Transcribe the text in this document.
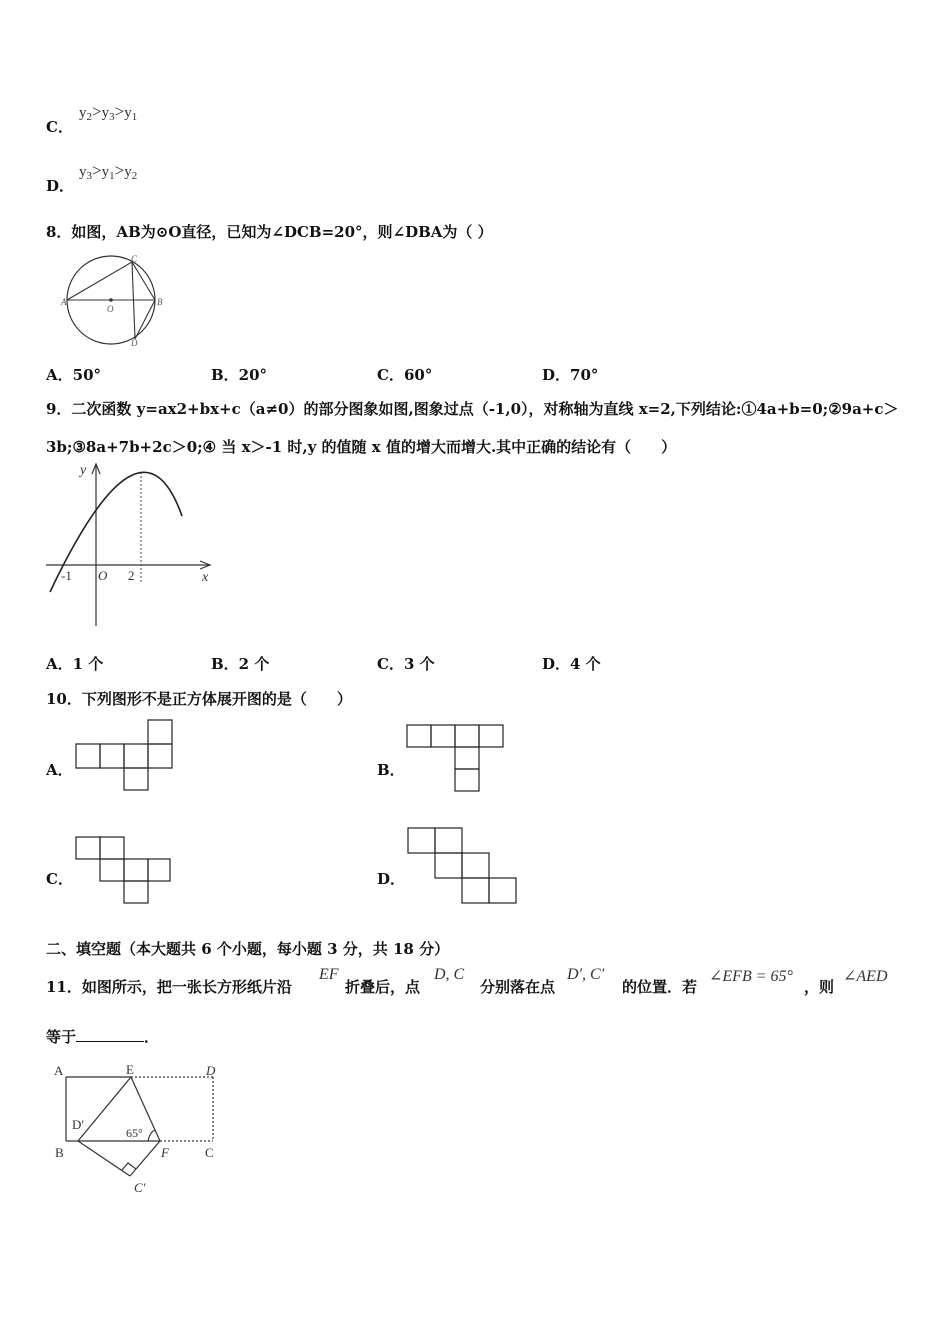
C．
$y_2>y_3>y_1$
D．
$y_3>y_1>y_2$
8．如图，AB为⊙O直径，已知为∠DCB=20°，则∠DBA为（ ）
A	B
C
D
O
A．50°	B．20°	C．60°	D．70°
9．二次函数 y=ax2+bx+c（a≠0）的部分图象如图,图象过点（-1,0），对称轴为直线 x=2,下列结论:①4a+b=0;②9a+c＞
3b;③8a+7b+2c＞0;④ 当 x＞-1 时,y 的值随 x 值的增大而增大.其中正确的结论有（　　）
y
x
-1 O 2
A．1 个	B．2 个	C．3 个	D．4 个
10．下列图形不是正方体展开图的是（　　）
A．	B．
C．	D．
二、填空题（本大题共 6 个小题，每小题 3 分，共 18 分）
11．如图所示，把一张长方形纸片沿
EF
折叠后，点
D, C
分别落在点
D′, C′
的位置．若
∠EFB = 65°
，则
∠AED
等于	．
A	E	D
D′
65°
B	F	C
C′
